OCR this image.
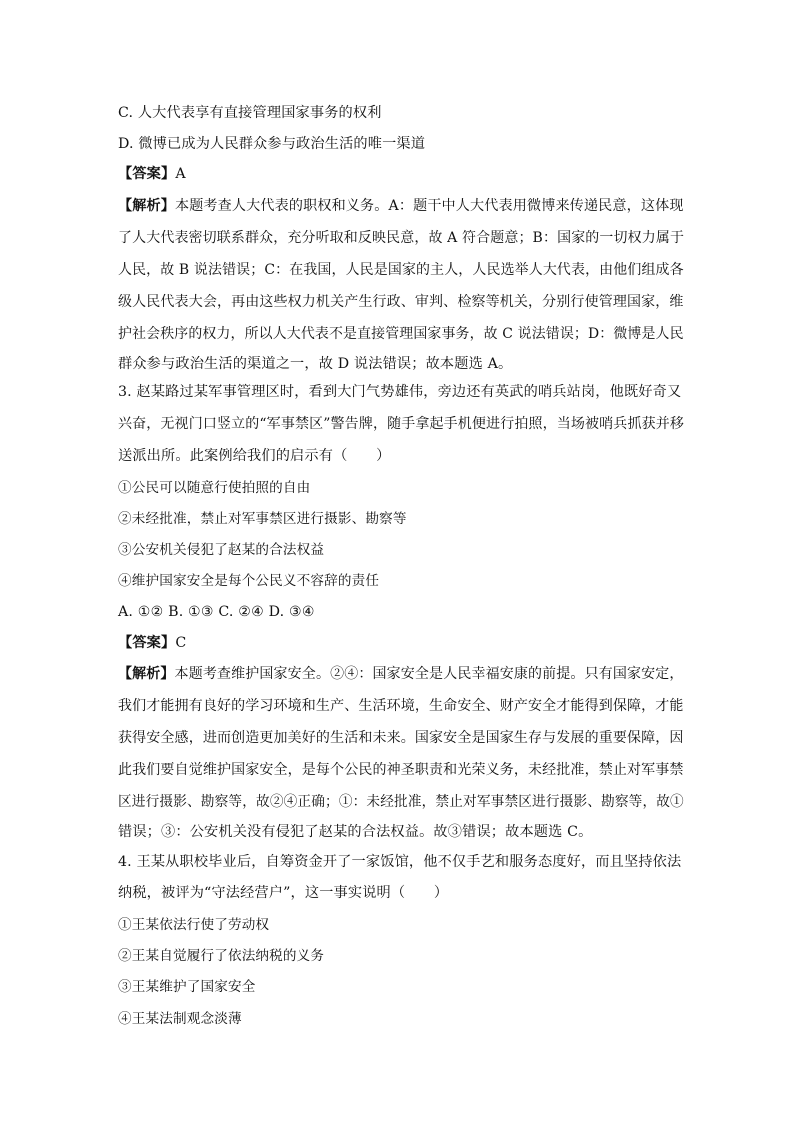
C. 人大代表享有直接管理国家事务的权利

D. 微博已成为人民群众参与政治生活的唯一渠道

【答案】A

【解析】本题考查人大代表的职权和义务。A：题干中人大代表用微博来传递民意，这体现

了人大代表密切联系群众，充分听取和反映民意，故 A 符合题意；B：国家的一切权力属于

人民，故 B 说法错误；C：在我国，人民是国家的主人，人民选举人大代表，由他们组成各

级人民代表大会，再由这些权力机关产生行政、审判、检察等机关，分别行使管理国家，维

护社会秩序的权力，所以人大代表不是直接管理国家事务，故 C 说法错误；D：微博是人民

群众参与政治生活的渠道之一，故 D 说法错误；故本题选 A。

3. 赵某路过某军事管理区时，看到大门气势雄伟，旁边还有英武的哨兵站岗，他既好奇又

兴奋，无视门口竖立的“军事禁区”警告牌，随手拿起手机便进行拍照，当场被哨兵抓获并移

送派出所。此案例给我们的启示有（　　）

①公民可以随意行使拍照的自由

②未经批准，禁止对军事禁区进行摄影、勘察等

③公安机关侵犯了赵某的合法权益

④维护国家安全是每个公民义不容辞的责任

A. ①② B. ①③ C. ②④ D. ③④

【答案】C

【解析】本题考查维护国家安全。②④：国家安全是人民幸福安康的前提。只有国家安定，

我们才能拥有良好的学习环境和生产、生活环境，生命安全、财产安全才能得到保障，才能

获得安全感，进而创造更加美好的生活和未来。国家安全是国家生存与发展的重要保障，因

此我们要自觉维护国家安全，是每个公民的神圣职责和光荣义务，未经批准，禁止对军事禁

区进行摄影、勘察等，故②④正确；①：未经批准，禁止对军事禁区进行摄影、勘察等，故①

错误；③：公安机关没有侵犯了赵某的合法权益。故③错误；故本题选 C。

4. 王某从职校毕业后，自筹资金开了一家饭馆，他不仅手艺和服务态度好，而且坚持依法

纳税，被评为“守法经营户”，这一事实说明（　　）

①王某依法行使了劳动权

②王某自觉履行了依法纳税的义务

③王某维护了国家安全

④王某法制观念淡薄
